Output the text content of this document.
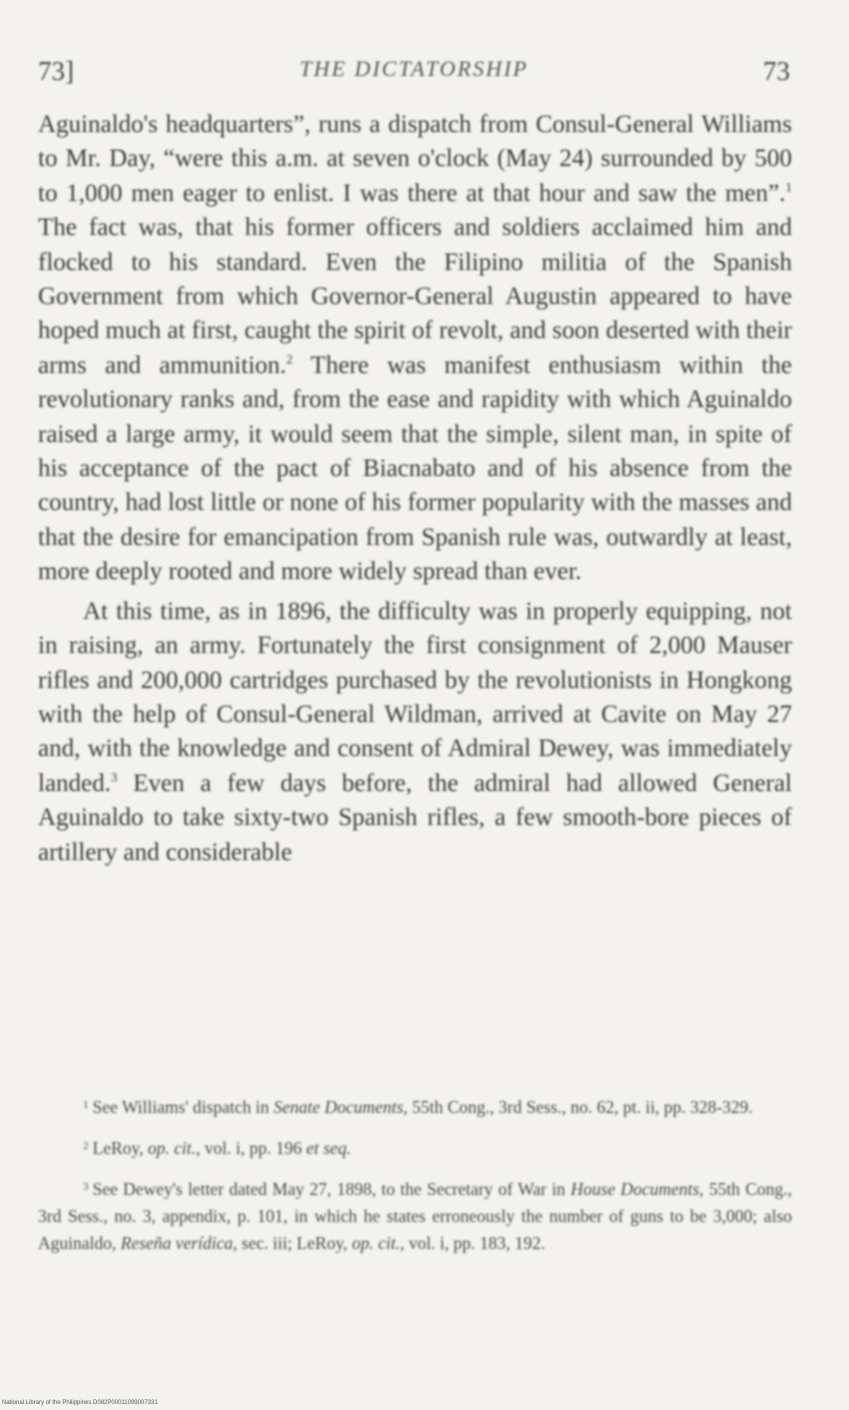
73]	THE DICTATORSHIP	73

Aguinaldo's headquarters”, runs a dispatch from Consul-General Williams to Mr. Day, “were this a.m. at seven o'clock (May 24) surrounded by 500 to 1,000 men eager to enlist. I was there at that hour and saw the men”.$^1$ The fact was, that his former officers and soldiers acclaimed him and flocked to his standard. Even the Filipino militia of the Spanish Government from which Governor-General Augustin appeared to have hoped much at first, caught the spirit of revolt, and soon deserted with their arms and ammunition.$^2$ There was manifest enthusiasm within the revolutionary ranks and, from the ease and rapidity with which Aguinaldo raised a large army, it would seem that the simple, silent man, in spite of his acceptance of the pact of Biacnabato and of his absence from the country, had lost little or none of his former popularity with the masses and that the desire for emancipation from Spanish rule was, outwardly at least, more deeply rooted and more widely spread than ever.

At this time, as in 1896, the difficulty was in properly equipping, not in raising, an army. Fortunately the first consignment of 2,000 Mauser rifles and 200,000 cartridges purchased by the revolutionists in Hongkong with the help of Consul-General Wildman, arrived at Cavite on May 27 and, with the knowledge and consent of Admiral Dewey, was immediately landed.$^3$ Even a few days before, the admiral had allowed General Aguinaldo to take sixty-two Spanish rifles, a few smooth-bore pieces of artillery and considerable

$^1$ See Williams' dispatch in Senate Documents, 55th Cong., 3rd Sess., no. 62, pt. ii, pp. 328-329.

$^2$ LeRoy, op. cit., vol. i, pp. 196 et seq.

$^3$ See Dewey's letter dated May 27, 1898, to the Secretary of War in House Documents, 55th Cong., 3rd Sess., no. 3, appendix, p. 101, in which he states erroneously the number of guns to be 3,000; also Aguinaldo, Reseña verídica, sec. iii; LeRoy, op. cit., vol. i, pp. 183, 192.

National Library of the Philippines D082P00011099007331
